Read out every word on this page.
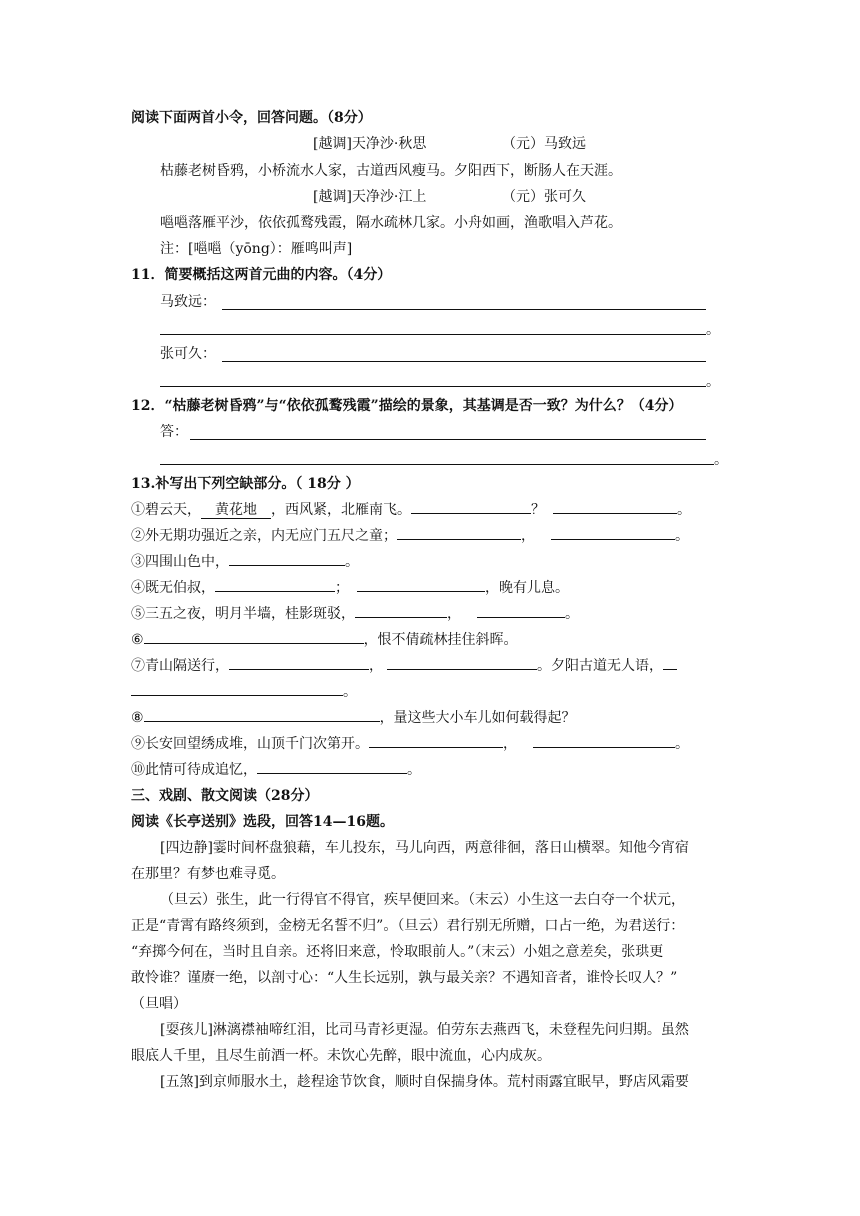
阅读下面两首小令，回答问题。（8分）
[越调]天净沙·秋思	（元）马致远
枯藤老树昏鸦，小桥流水人家，古道西风瘦马。夕阳西下，断肠人在天涯。
[越调]天净沙·江上	（元）张可久
嗈嗈落雁平沙，依依孤鹜残霞，隔水疏林几家。小舟如画，渔歌唱入芦花。
注：[嗈嗈（yōng）：雁鸣叫声]
11．简要概括这两首元曲的内容。（4分）
马致远：
。
张可久：
。
12．“枯藤老树昏鸦”与“依依孤鹜残霞”描绘的景象，其基调是否一致？为什么？（4分）
答：
。
13.补写出下列空缺部分。（ 18分 ）
①碧云天， 黄花地 ，西风紧，北雁南飞。	？	。
②外无期功强近之亲，内无应门五尺之童；	，	。
③四围山色中，	。
④既无伯叔，	；	，晚有儿息。
⑤三五之夜，明月半墙，桂影斑驳，	，	。
⑥	，恨不倩疏林挂住斜晖。
⑦青山隔送行，	，	。夕阳古道无人语，
。
⑧	，量这些大小车儿如何载得起？
⑨长安回望绣成堆，山顶千门次第开。	，	。
⑩此情可待成追忆，	。
三、戏剧、散文阅读（28分）
阅读《长亭送别》选段，回答14—16题。
[四边静]霎时间杯盘狼藉，车儿投东，马儿向西，两意徘徊，落日山横翠。知他今宵宿
在那里？有梦也难寻觅。
（旦云）张生，此一行得官不得官，疾早便回来。（末云）小生这一去白夺一个状元，
正是“青霄有路终须到，金榜无名誓不归”。（旦云）君行别无所赠，口占一绝，为君送行：
“弃掷今何在，当时且自亲。还将旧来意，怜取眼前人。”（末云）小姐之意差矣，张珙更
敢怜谁？谨赓一绝，以剖寸心：“人生长远别，孰与最关亲？不遇知音者，谁怜长叹人？”
（旦唱）
[耍孩儿]淋漓襟袖啼红泪，比司马青衫更湿。伯劳东去燕西飞，未登程先问归期。虽然
眼底人千里，且尽生前酒一杯。未饮心先醉，眼中流血，心内成灰。
[五煞]到京师服水土，趁程途节饮食，顺时自保揣身体。荒村雨露宜眠早，野店风霜要
